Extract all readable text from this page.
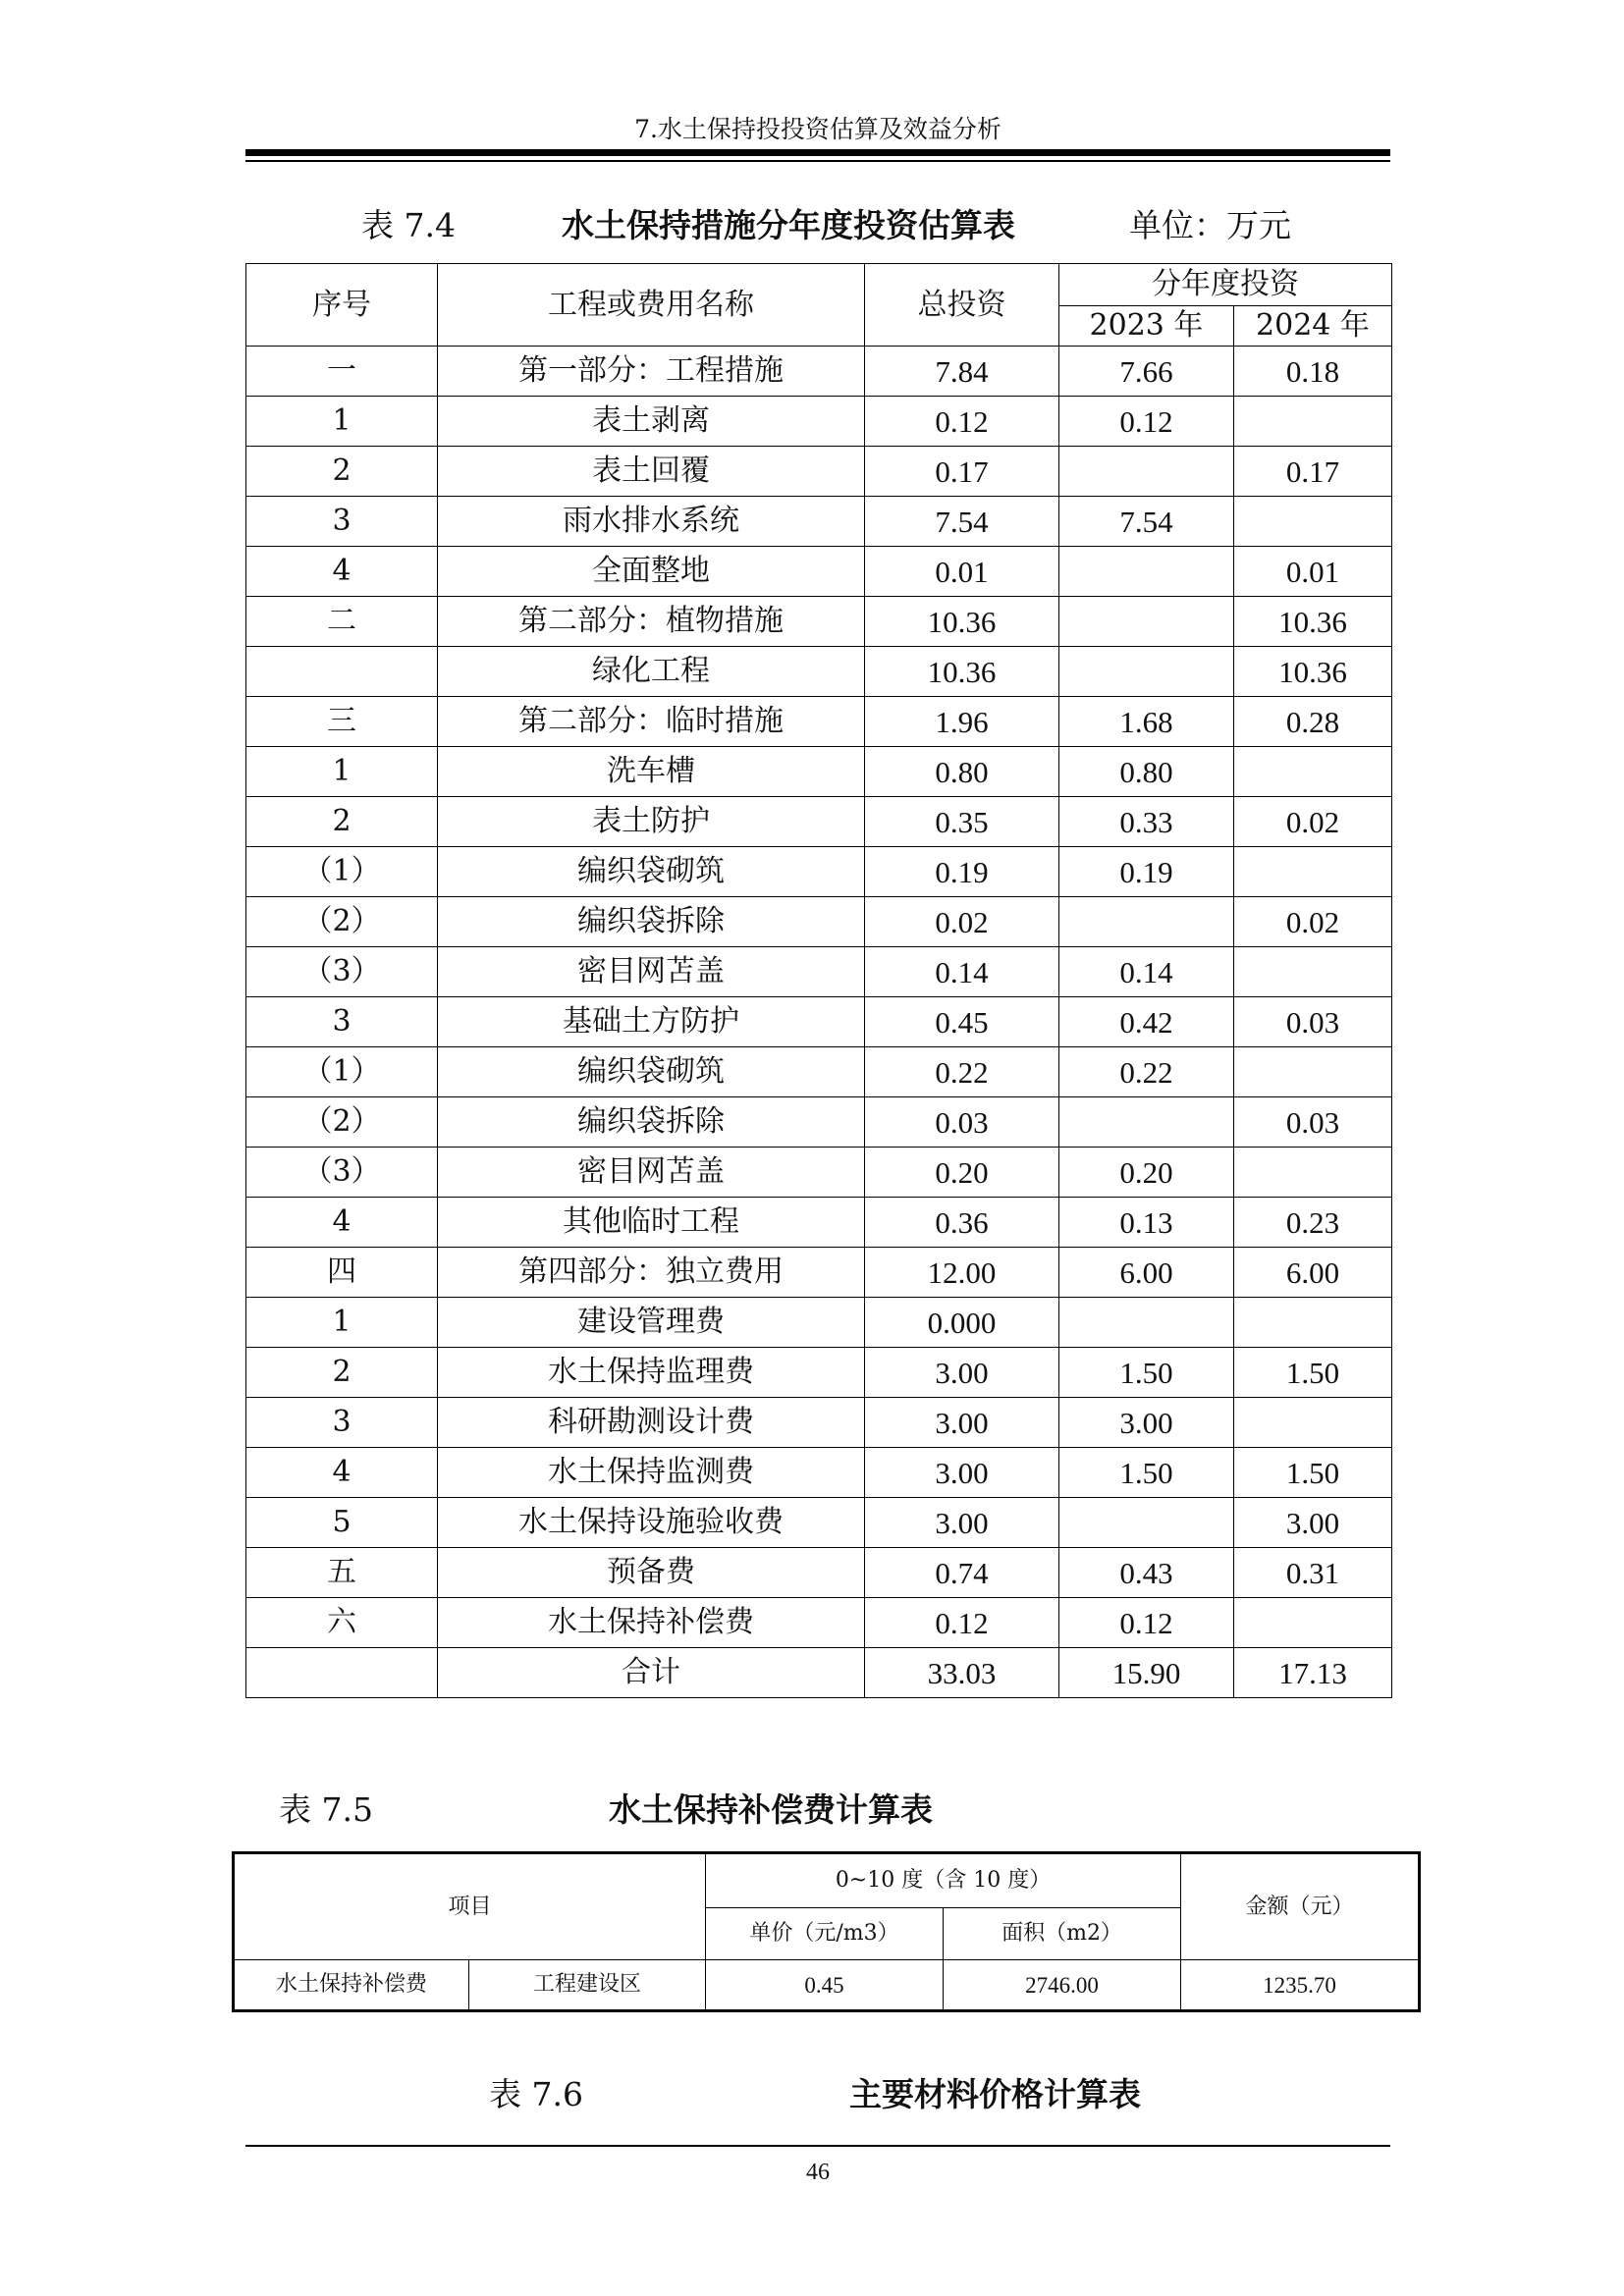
7.水土保持投投资估算及效益分析
表 7.4	水土保持措施分年度投资估算表	单位：万元
序号	工程或费用名称	总投资	分年度投资	
			2023 年	2024 年
一	第一部分：工程措施	7.84	7.66	0.18
1	表土剥离	0.12	0.12	
2	表土回覆	0.17		0.17
3	雨水排水系统	7.54	7.54	
4	全面整地	0.01		0.01
二	第二部分：植物措施	10.36		10.36
	绿化工程	10.36		10.36
三	第二部分：临时措施	1.96	1.68	0.28
1	洗车槽	0.80	0.80	
2	表土防护	0.35	0.33	0.02
（1）	编织袋砌筑	0.19	0.19	
（2）	编织袋拆除	0.02		0.02
（3）	密目网苫盖	0.14	0.14	
3	基础土方防护	0.45	0.42	0.03
（1）	编织袋砌筑	0.22	0.22	
（2）	编织袋拆除	0.03		0.03
（3）	密目网苫盖	0.20	0.20	
4	其他临时工程	0.36	0.13	0.23
四	第四部分：独立费用	12.00	6.00	6.00
1	建设管理费	0.000		
2	水土保持监理费	3.00	1.50	1.50
3	科研勘测设计费	3.00	3.00	
4	水土保持监测费	3.00	1.50	1.50
5	水土保持设施验收费	3.00		3.00
五	预备费	0.74	0.43	0.31
六	水土保持补偿费	0.12	0.12	
	合计	33.03	15.90	17.13
表 7.5	水土保持补偿费计算表
项目		0~10 度（含 10 度）		金额（元）
		单价（元/m3）	面积（m2）	
水土保持补偿费	工程建设区	0.45	2746.00	1235.70
表 7.6	主要材料价格计算表
46
